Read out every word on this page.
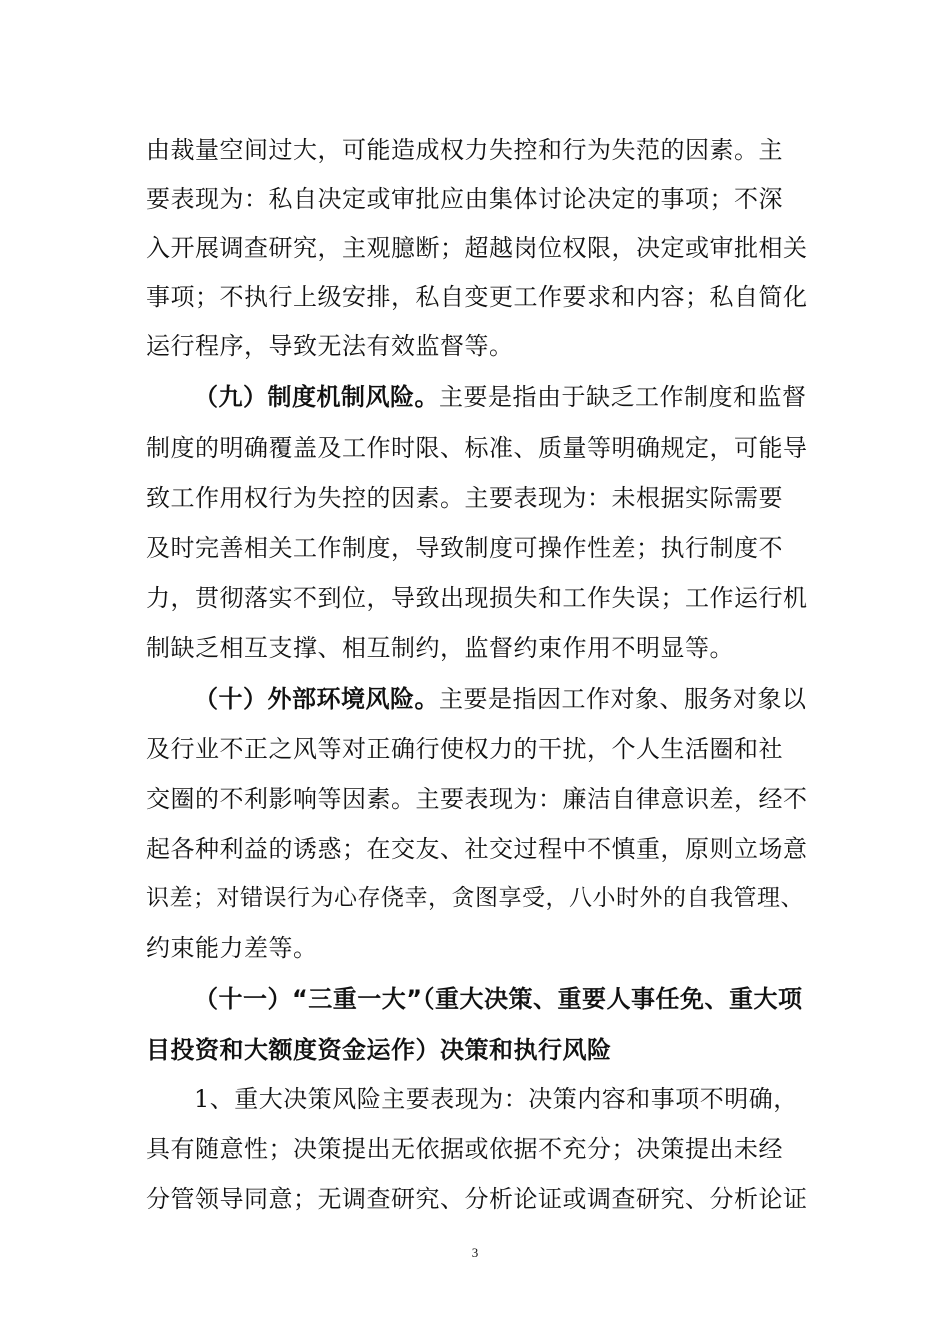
由裁量空间过大，可能造成权力失控和行为失范的因素。主
要表现为：私自决定或审批应由集体讨论决定的事项；不深
入开展调查研究，主观臆断；超越岗位权限，决定或审批相关
事项；不执行上级安排，私自变更工作要求和内容；私自简化
运行程序，导致无法有效监督等。
（九）制度机制风险。主要是指由于缺乏工作制度和监督
制度的明确覆盖及工作时限、标准、质量等明确规定，可能导
致工作用权行为失控的因素。主要表现为：未根据实际需要
及时完善相关工作制度，导致制度可操作性差；执行制度不
力，贯彻落实不到位，导致出现损失和工作失误；工作运行机
制缺乏相互支撑、相互制约，监督约束作用不明显等。
（十）外部环境风险。主要是指因工作对象、服务对象以
及行业不正之风等对正确行使权力的干扰，个人生活圈和社
交圈的不利影响等因素。主要表现为：廉洁自律意识差，经不
起各种利益的诱惑；在交友、社交过程中不慎重，原则立场意
识差；对错误行为心存侥幸，贪图享受，八小时外的自我管理、
约束能力差等。
（十一）“三重一大”（重大决策、重要人事任免、重大项
目投资和大额度资金运作）决策和执行风险
1、重大决策风险主要表现为：决策内容和事项不明确，
具有随意性；决策提出无依据或依据不充分；决策提出未经
分管领导同意；无调查研究、分析论证或调查研究、分析论证
3
